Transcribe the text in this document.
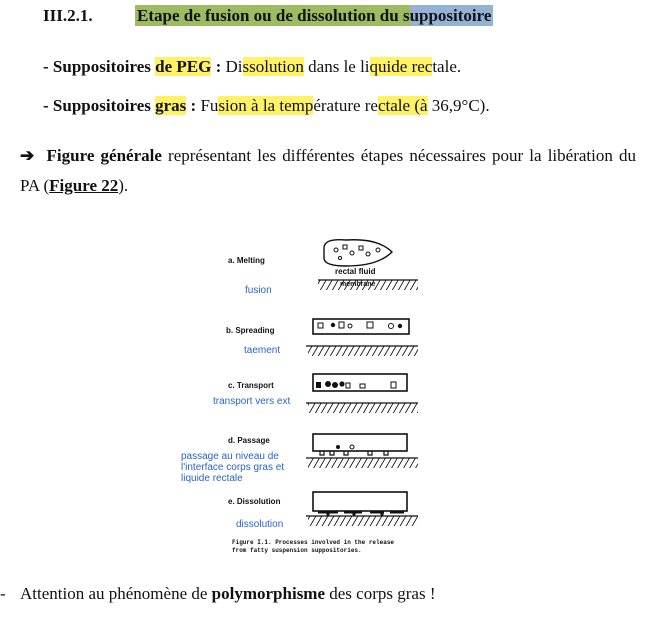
III.2.1.	Etape de fusion ou de dissolution du suppositoire
- Suppositoires de PEG : Dissolution dans le liquide rectale.
- Suppositoires gras : Fusion à la température rectale (à 36,9°C).
➔ Figure générale représentant les différentes étapes nécessaires pour la libération du PA (Figure 22).
a. Melting
b. Spreading
c. Transport
d. Passage
e. Dissolution
fusion
taement
transport vers ext
passage au niveau de
l'interface corps gras et
liquide rectale
dissolution
rectal fluid
membrane
Figure I.1. Processes involved in the release
from fatty suspension suppositories.
- Attention au phénomène de polymorphisme des corps gras !
